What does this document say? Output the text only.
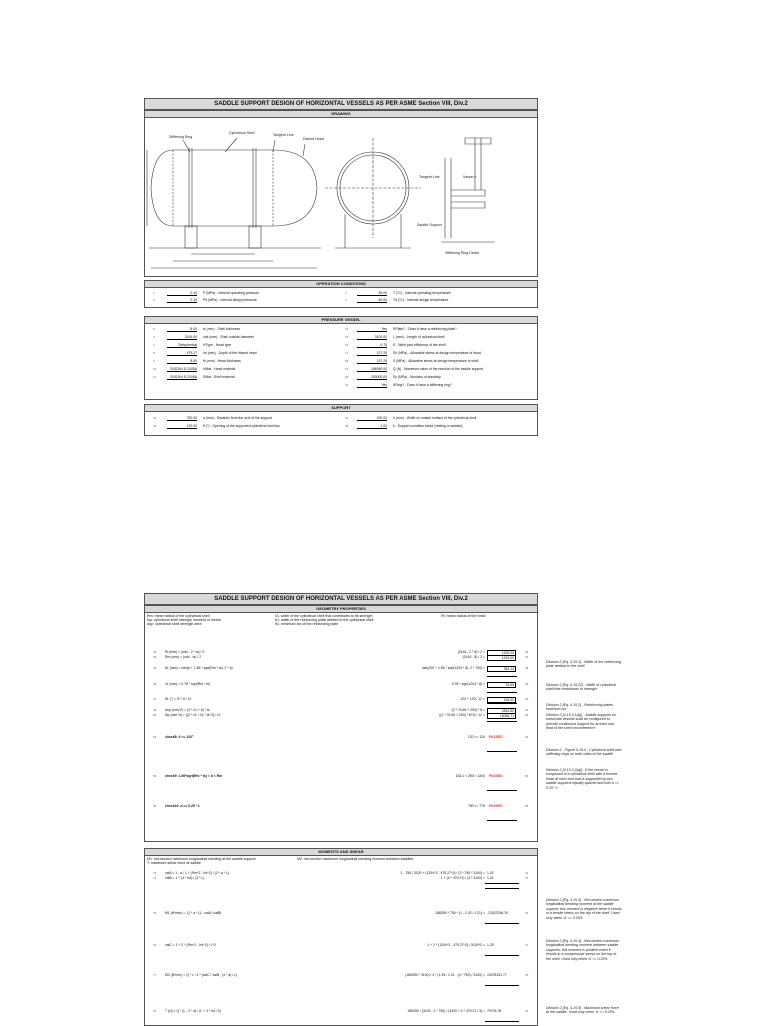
SADDLE SUPPORT DESIGN OF HORIZONTAL VESSELS AS PER ASME Section VIII, Div.2
DRAWING
Stiffening Ring
Cylindrical Shell	Tangent Line
Dished Head
Vessel c
Saddle Support
Stiffening Ring Detail
Tangent Line
OPERATION CONDITIONS
1	0.10 P (MPa) - Internal operating pressure	3	35.00 T (°C) - Internal operating temperature
2	0.10 Pd (MPa) - Internal design pressure	4	60.00 Td (°C) - Internal design temperature
PRESSURE VESSEL
5	8.00 ts (mm) - Shell thickness	14	Yes RPlate? - Does it have a reinforcing plate?
6	2416.00 ods (mm) - Shell outside diameter	15	3100.00 L (mm) - Length of cylindrical shell
7	Torispherical HType - Head type	16	0.70 E - Weld joint efficiency of the shell
8	479.27 hd (mm) - Depth of the dished head	17	137.29 Sh (MPa) - Allowable stress at design temperature of head
9	8.00 th (mm) - Head thickness	18	137.29 S (MPa) - Allowable stress at design temperature of shell
10	SUS304 S-2008A HMat - Head material	19	186390.00 Q (N) - Maximum value of the reaction of the saddle support
11	SUS304 S-2008A SMat - Shell material	20	200000.00 Ey (MPa) - Modulus of elasticity
21	Yes SRing? - Does it have a stiffening ring?
SUPPORT
22	750.00 a (mm) - Distance from the axis of the support	24	200.00 b (mm) - Width of contact surface of the cylindrical shell
23	120.00 θ (°) - Opening of the supported cylindrical shell arc	25	1.00 k - Support condition factor (resting or welded)
SADDLE SUPPORT DESIGN OF HORIZONTAL VESSELS AS PER ASME Section VIII, Div.2
GEOMETRY PROPERTIES
Rm: mean radius of the cylindrical shell
Isp: cylindrical shell strength moment of inertia
Asp: cylindrical shell strength area
x1: width of the cylindrical shell that contributes to its strength
b1: width of the reinforcing plate welded to the cylindrical shell
θ1: minimum arc of the reinforcing plate
Rt: mean radius of the head
45	Rt (mm) = (ods - 2 * ts) / 2	(2416 - 2 * 8) / 2 =	1200.00	46
45	Rm (mm) = (ods - ts) / 2	(2416 - 8) / 2 =	1204.00	47
46	b1 (mm) = min(b + 1.56 * sqrt(Rm * ts), 2 * a)	min(200 + 1.56 * sqrt(1204 * 8), 2 * 750) =	353.13	48
48	x1 (mm) = 0.78 * sqrt(Rm * ts)	0.78 * sqrt(1204 * 8) =	76.55	49
47	θ1 (°) = θ + θ / 12	120 + 120 / 12 =	130.00	50
49	Asp (mm^2) = (2 * x1 + b) * ts	(2 * 76.55 + 200) * 8 =	2824.80	51
50	Isp (mm^4) = ((2 * x1 + b) * ts^3) / 12	((2 * 76.55 + 200) * 8^3) / 12 =	15066.71	52
51	check8: θ >= 120°	120 >= 120 PASSED	53
52	check9: 1.56*sqrt(Rm * ts) < b < Rm	153.1 < 250 < 1204 PASSED	54
53	check10: a <= 0.25 * L	750 <= 775 PASSED	55
MOMENTS AND SHEAR
M1: net-section maximum longitudinal bending at the saddle support
T: maximum shear force at saddle
M2: net-section maximum longitudinal bending moment between saddles
73	valA = 1 - a / L + (Rm^2 - hd^2) / (2 * a * L)	1 - 750 / 3100 + (1204^2 - 479.27^2) / (2 * 750 * 3100) = 1.02	74
74	valB = 1 + (4 * hd) / (3 * L)	1 + (4 * 479.27) / (3 * 3100) = 1.21	75
75	M1 (N*mm) = -Q * a * (1 - valA / valB)	-186390 * 750 * (1 - 1.02 / 1.21) = -21523766.19	76
76	valC = 1 + 2 * (Rm^2 - hd^2) / L^2	1 + 2 * (1204^2 - 479.27^2) / 3100^2 = 1.25	77
77	M2 (N*mm) = Q * L / 4 * (valC / valB - (4 * a) / L)	(186390 * 3100) / 4 * (1.25 / 1.21 - (4 * 750) / 3100) = 10378151.77	78
78	T (N) = Q * (L - 2 * a) / (L + 4 * hd / 3)	186390 * (3100 - 2 * 750) / (3100 + 4 * 479.27 / 3) = 79703.78	79
Division 2 [Eq. 4.15.1] - Width of the reinforcing plate welded to the shell
Division 2 [Eq. 4.15.22] - Width of cylindrical shell that contributes to strength
Division 2 [Eq. 4.15.2] - Reinforcing plates minimum arc
Division 2 [4.15.3.1(b)] - Saddle supports for horizontal vessels shall be configured to provide continuous support for at least one-third of the shell circumference
Division 2 - Figure 4.15.4 - Cylindrical shell with stiffening rings on both sides of the saddle
Division 2 [4.15.3.2(a)] - If the vessel is composed of a cylindrical shell with a formed head at each end that is supported by two saddle supports equally spaced and with a <= 0.25 * L
Division 2 [Eq. 4.15.3] - Net-section maximum longitudinal bending moment at the saddle support; this moment is negative when it results in a tensile stress on the top of the shell. Used only when 'a' <= 0.25*L
Division 2 [Eq. 4.15.4] - Net-section maximum longitudinal bending moment between saddle supports; this moment is positive when it results in a compressive stress on the top of the shell. Used only when 'a' <= 0.25*L
Division 2 [Eq. 4.15.5] - Maximum shear force at the saddle. Used only when 'a' <= 0.25*L
